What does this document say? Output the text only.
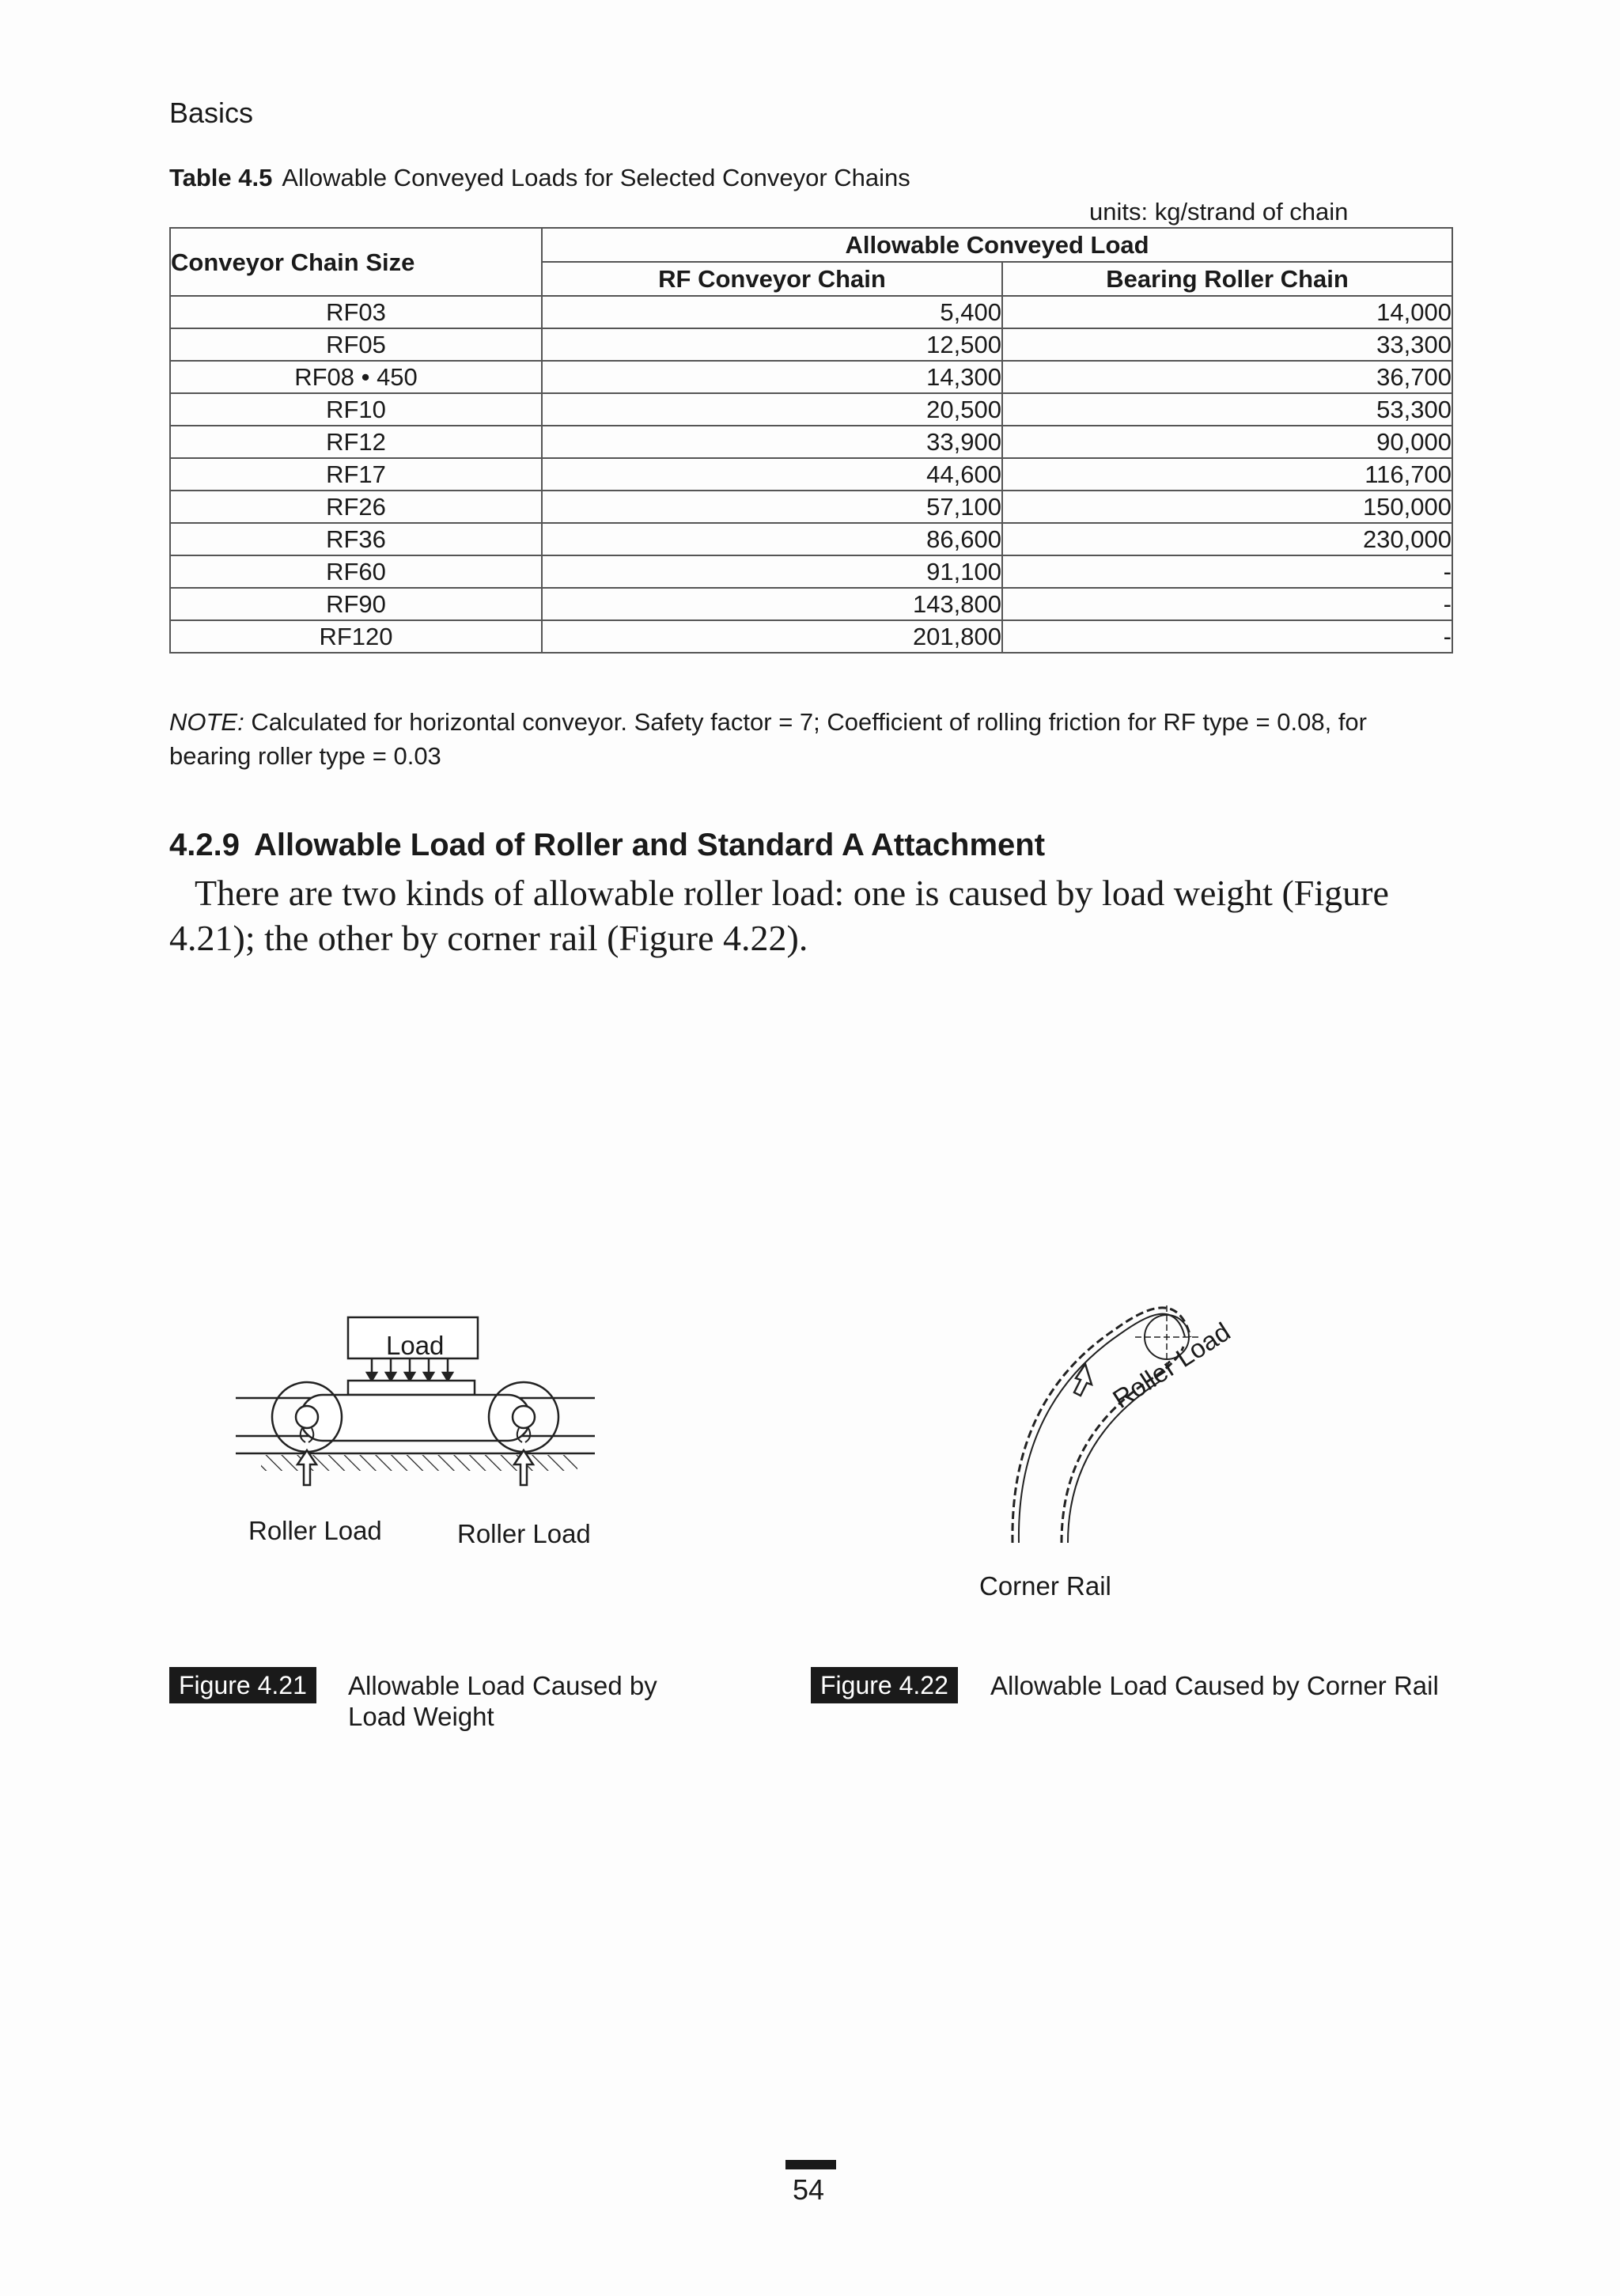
Basics
Table 4.5 Allowable Conveyed Loads for Selected Conveyor Chains
units: kg/strand of chain
Conveyor Chain Size	Allowable Conveyed Load	
	RF Conveyor Chain	Bearing Roller Chain
RF03	5,400	14,000
RF05	12,500	33,300
RF08 • 450	14,300	36,700
RF10	20,500	53,300
RF12	33,900	90,000
RF17	44,600	116,700
RF26	57,100	150,000
RF36	86,600	230,000
RF60	91,100	-
RF90	143,800	-
RF120	201,800	-
NOTE: Calculated for horizontal conveyor. Safety factor = 7; Coefficient of rolling friction for RF type = 0.08, for bearing roller type = 0.03
4.2.9 Allowable Load of Roller and Standard A Attachment
There are two kinds of allowable roller load: one is caused by load weight (Figure 4.21); the other by corner rail (Figure 4.22).
Load
Roller Load	Roller Load
Roller Load
Corner Rail
Figure 4.21	Allowable Load Caused by Load Weight
Figure 4.22	Allowable Load Caused by Corner Rail
54
